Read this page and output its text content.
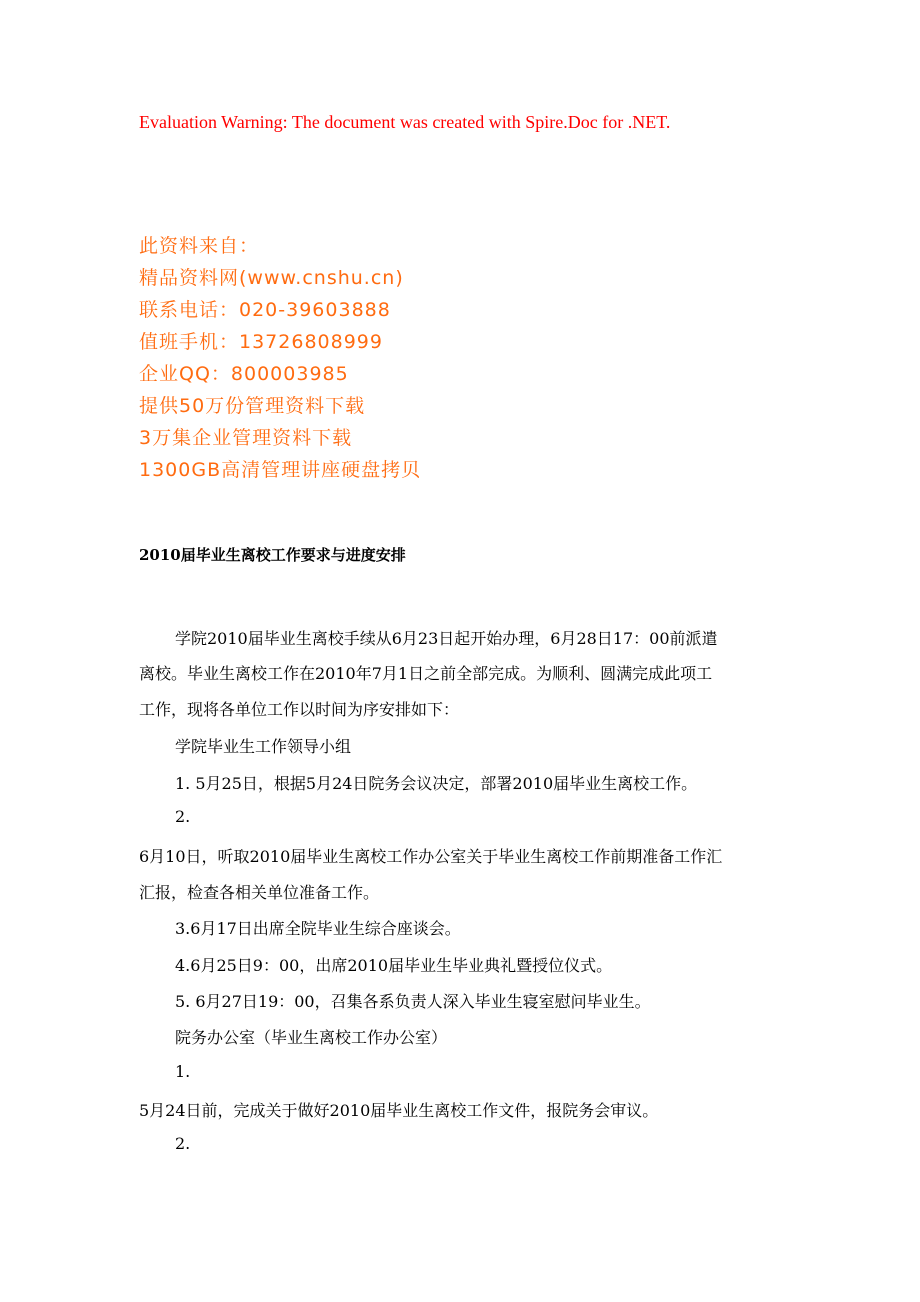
Evaluation Warning: The document was created with Spire.Doc for .NET.
此资料来自：
精品资料网(www.cnshu.cn)
联系电话：020-39603888
值班手机：13726808999
企业QQ：800003985
提供50万份管理资料下载
3万集企业管理资料下载
1300GB高清管理讲座硬盘拷贝
2010届毕业生离校工作要求与进度安排
学院2010届毕业生离校手续从6月23日起开始办理，6月28日17：00前派遣
离校。毕业生离校工作在2010年7月1日之前全部完成。为顺利、圆满完成此项工
工作，现将各单位工作以时间为序安排如下：
学院毕业生工作领导小组
1. 5月25日，根据5月24日院务会议决定，部署2010届毕业生离校工作。
2.
6月10日，听取2010届毕业生离校工作办公室关于毕业生离校工作前期准备工作汇
汇报，检查各相关单位准备工作。
3.6月17日出席全院毕业生综合座谈会。
4.6月25日9：00，出席2010届毕业生毕业典礼暨授位仪式。
5. 6月27日19：00，召集各系负责人深入毕业生寝室慰问毕业生。
院务办公室（毕业生离校工作办公室）
1.
5月24日前，完成关于做好2010届毕业生离校工作文件，报院务会审议。
2.
